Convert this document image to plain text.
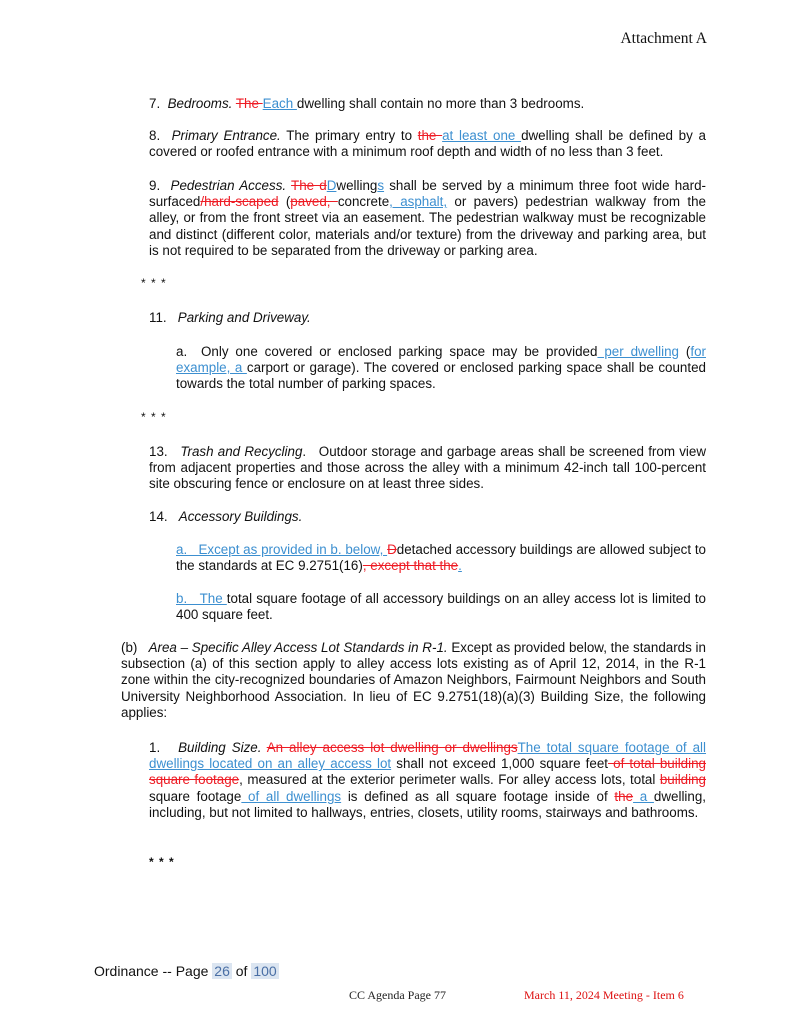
Attachment A

7. Bedrooms. The Each dwelling shall contain no more than 3 bedrooms.

8. Primary Entrance. The primary entry to the at least one dwelling shall be defined by a covered or roofed entrance with a minimum roof depth and width of no less than 3 feet.

9. Pedestrian Access. The dDwellings shall be served by a minimum three foot wide hard-surfaced/hard-scaped (paved, concrete, asphalt, or pavers) pedestrian walkway from the alley, or from the front street via an easement. The pedestrian walkway must be recognizable and distinct (different color, materials and/or texture) from the driveway and parking area, but is not required to be separated from the driveway or parking area.

* * *

11. Parking and Driveway.

a.  Only one covered or enclosed parking space may be provided per dwelling (for example, a carport or garage). The covered or enclosed parking space shall be counted towards the total number of parking spaces.

* * *

13. Trash and Recycling.   Outdoor storage and garbage areas shall be screened from view from adjacent properties and those across the alley with a minimum 42-inch tall 100-percent site obscuring fence or enclosure on at least three sides.

14. Accessory Buildings.

a.   Except as provided in b. below, Ddetached accessory buildings are allowed subject to the standards at EC 9.2751(16), except that the.

b.   The total square footage of all accessory buildings on an alley access lot is limited to 400 square feet.

(b) Area – Specific Alley Access Lot Standards in R-1. Except as provided below, the standards in subsection (a) of this section apply to alley access lots existing as of April 12, 2014, in the R-1 zone within the city-recognized boundaries of Amazon Neighbors, Fairmount Neighbors and South University Neighborhood Association. In lieu of EC 9.2751(18)(a)(3) Building Size, the following applies:

1. Building Size. An alley access lot dwelling or dwellingsThe total square footage of all dwellings located on an alley access lot shall not exceed 1,000 square feet of total building square footage, measured at the exterior perimeter walls. For alley access lots, total building square footage of all dwellings is defined as all square footage inside of the a dwelling, including, but not limited to hallways, entries, closets, utility rooms, stairways and bathrooms.

* * *
Ordinance -- Page 26 of 100
CC Agenda Page 77	March 11, 2024 Meeting - Item 6
